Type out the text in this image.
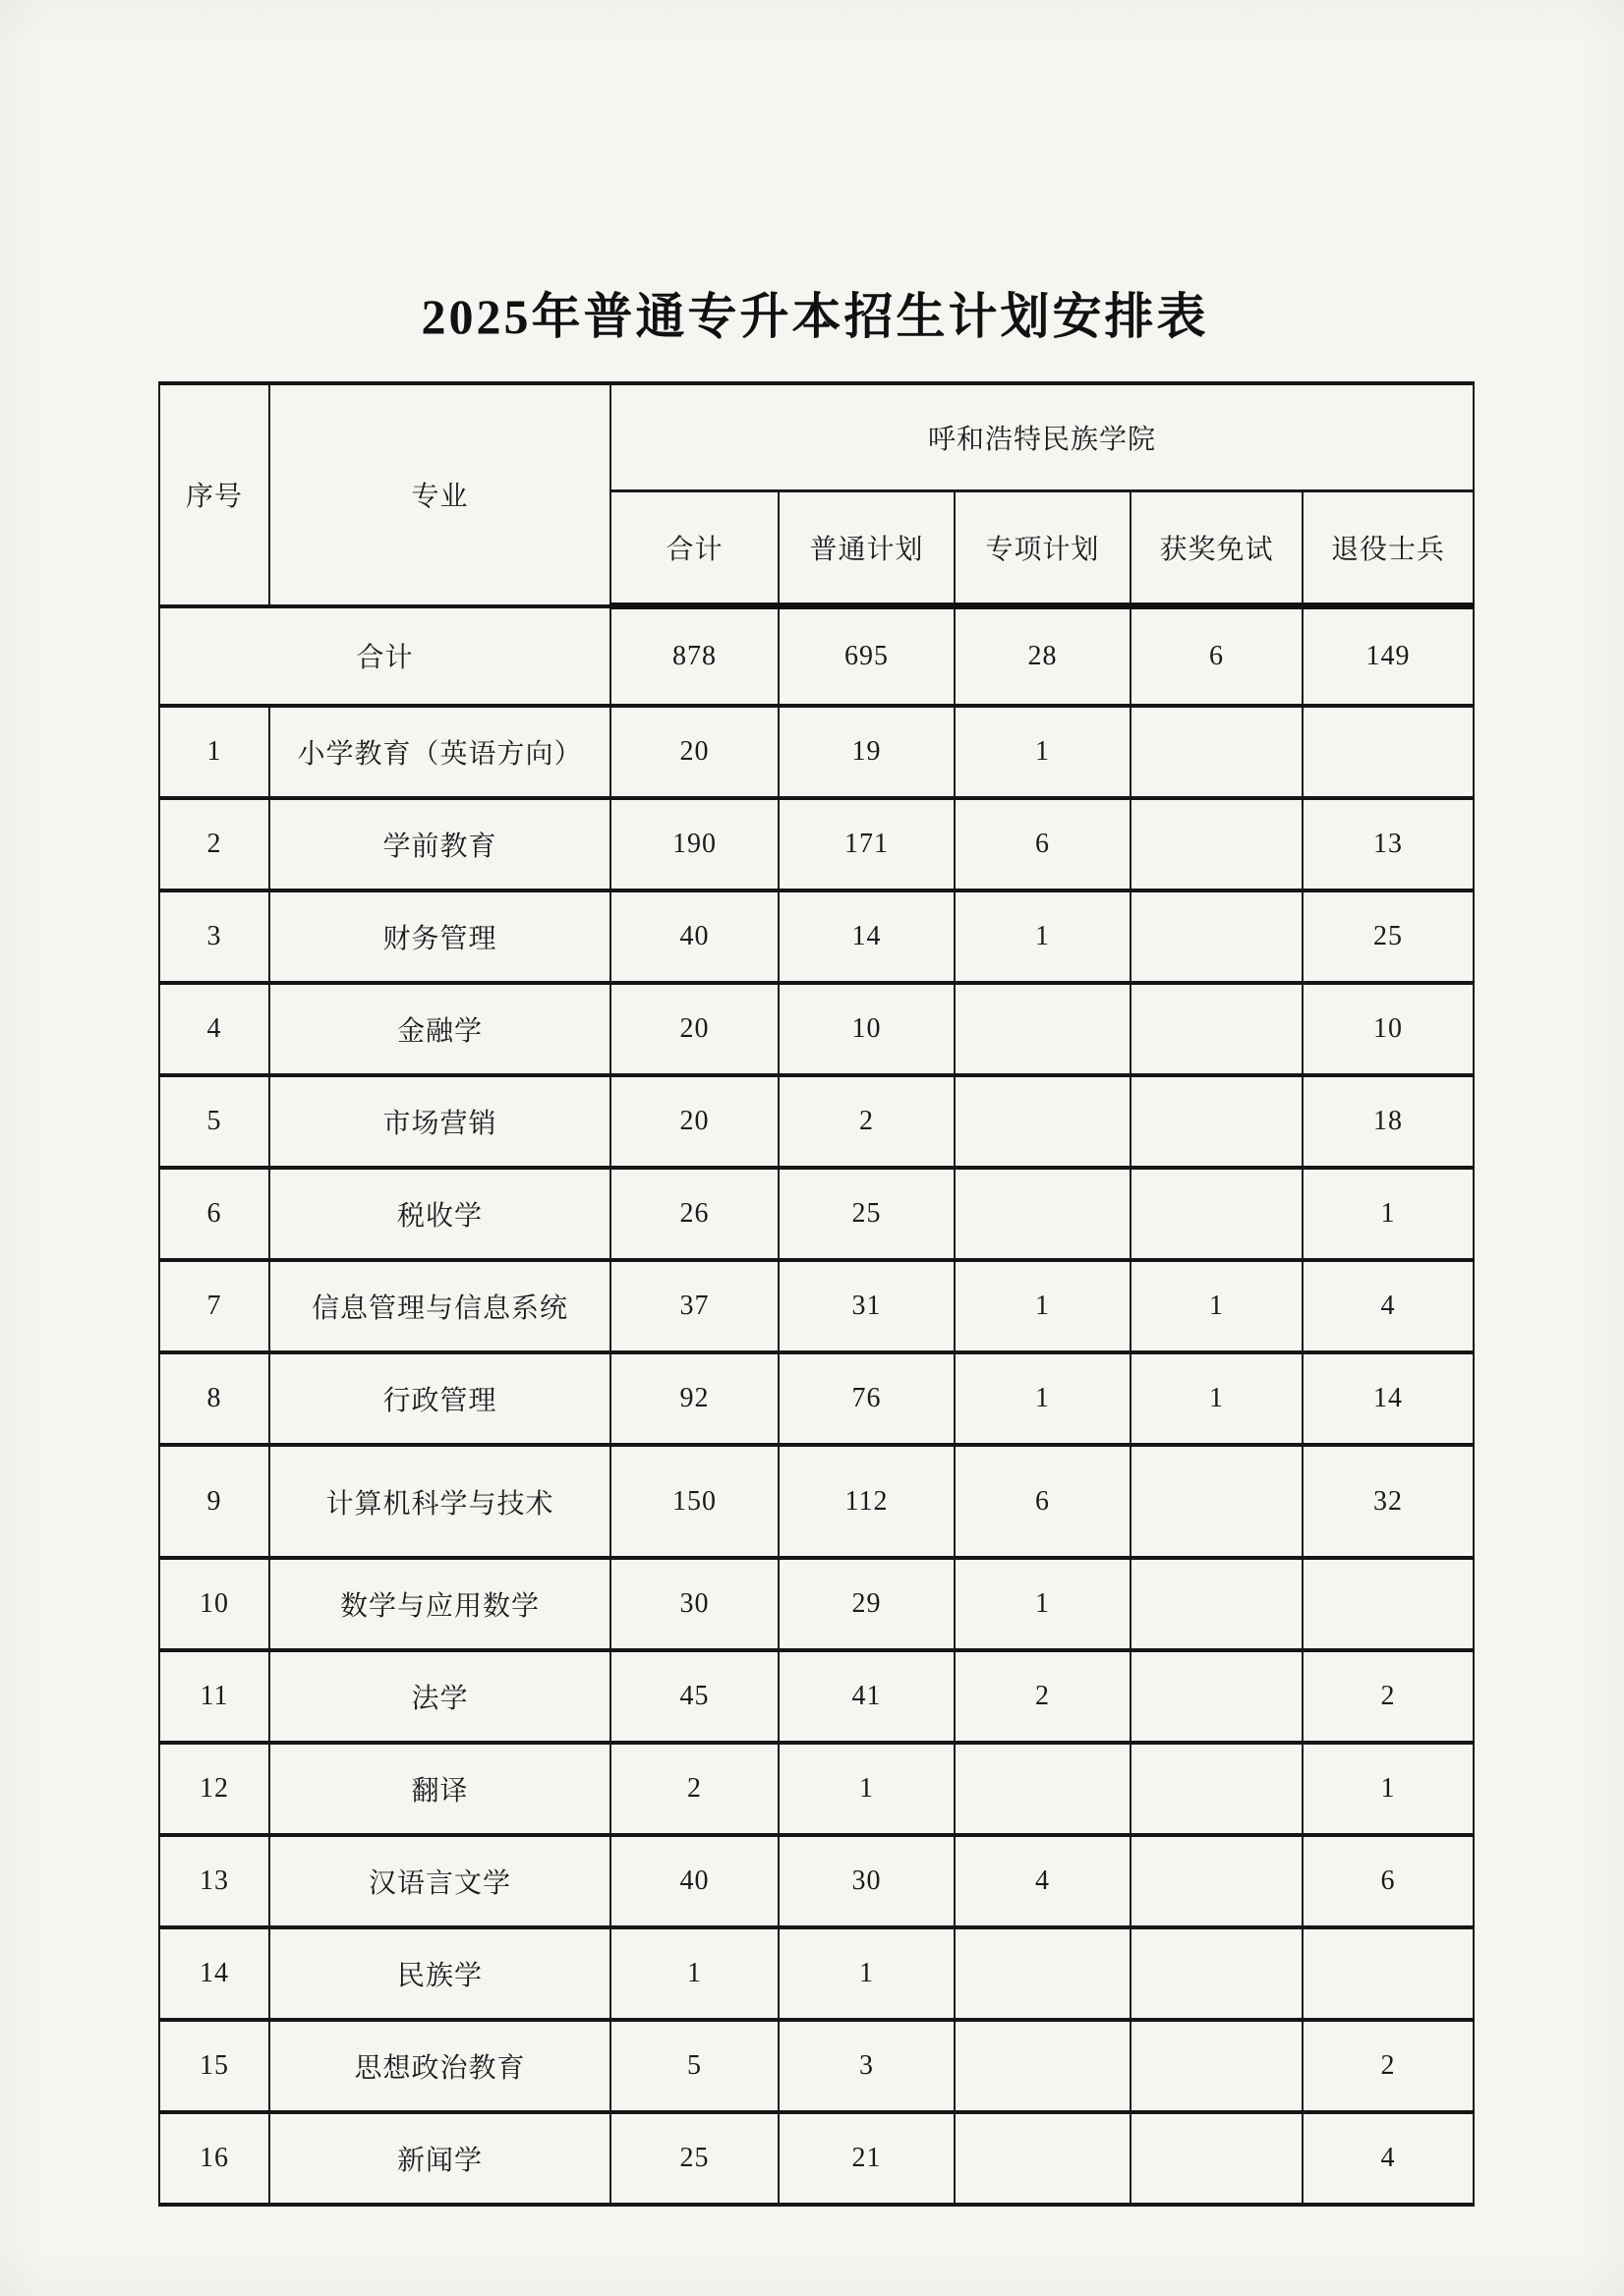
2025年普通专升本招生计划安排表
序号	专业	呼和浩特民族学院				
		合计	普通计划	专项计划	获奖免试	退役士兵
合计		878	695	28	6	149
1	小学教育（英语方向）	20	19	1		
2	学前教育	190	171	6		13
3	财务管理	40	14	1		25
4	金融学	20	10			10
5	市场营销	20	2			18
6	税收学	26	25			1
7	信息管理与信息系统	37	31	1	1	4
8	行政管理	92	76	1	1	14
9	计算机科学与技术	150	112	6		32
10	数学与应用数学	30	29	1		
11	法学	45	41	2		2
12	翻译	2	1			1
13	汉语言文学	40	30	4		6
14	民族学	1	1			
15	思想政治教育	5	3			2
16	新闻学	25	21			4
